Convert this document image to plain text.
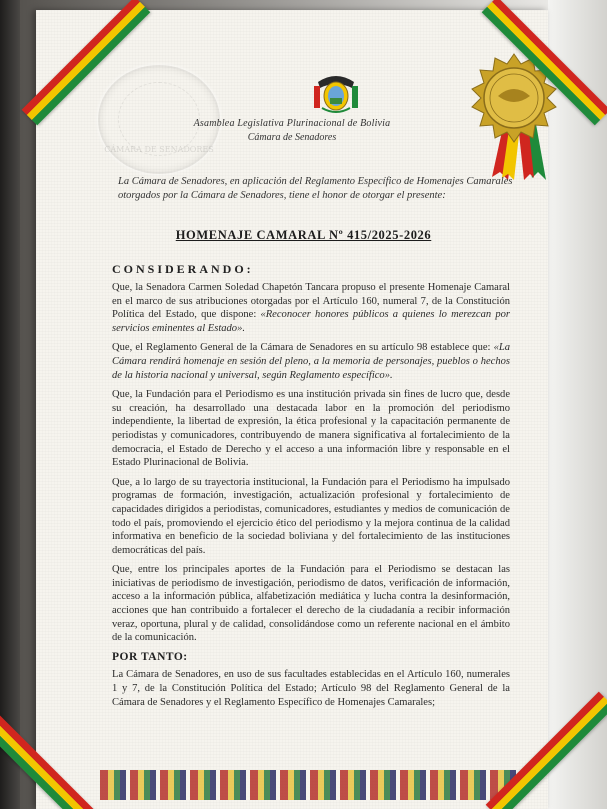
CÁMARA DE SENADORES
Asamblea Legislativa Plurinacional de Bolivia
Cámara de Senadores
La Cámara de Senadores, en aplicación del Reglamento Específico de Homenajes Camarales otorgados por la Cámara de Senadores, tiene el honor de otorgar el presente:
HOMENAJE CAMARAL Nº 415/2025-2026
CONSIDERANDO:

Que, la Senadora Carmen Soledad Chapetón Tancara propuso el presente Homenaje Camaral en el marco de sus atribuciones otorgadas por el Artículo 160, numeral 7, de la Constitución Política del Estado, que dispone: «Reconocer honores públicos a quienes lo merezcan por servicios eminentes al Estado».

Que, el Reglamento General de la Cámara de Senadores en su artículo 98 establece que: «La Cámara rendirá homenaje en sesión del pleno, a la memoria de personajes, pueblos o hechos de la historia nacional y universal, según Reglamento específico».

Que, la Fundación para el Periodismo es una institución privada sin fines de lucro que, desde su creación, ha desarrollado una destacada labor en la promoción del periodismo independiente, la libertad de expresión, la ética profesional y la capacitación permanente de periodistas y comunicadores, contribuyendo de manera significativa al fortalecimiento de la democracia, el Estado de Derecho y el acceso a una información libre y responsable en el Estado Plurinacional de Bolivia.

Que, a lo largo de su trayectoria institucional, la Fundación para el Periodismo ha impulsado programas de formación, investigación, actualización profesional y fortalecimiento de capacidades dirigidos a periodistas, comunicadores, estudiantes y medios de comunicación de todo el país, promoviendo el ejercicio ético del periodismo y la mejora continua de la calidad informativa en beneficio de la sociedad boliviana y del fortalecimiento de las instituciones democráticas del país.

Que, entre los principales aportes de la Fundación para el Periodismo se destacan las iniciativas de periodismo de investigación, periodismo de datos, verificación de información, acceso a la información pública, alfabetización mediática y lucha contra la desinformación, acciones que han contribuido a fortalecer el derecho de la ciudadanía a recibir información veraz, oportuna, plural y de calidad, consolidándose como un referente nacional en el ámbito de la comunicación.

POR TANTO:

La Cámara de Senadores, en uso de sus facultades establecidas en el Artículo 160, numerales 1 y 7, de la Constitución Política del Estado; Artículo 98 del Reglamento General de la Cámara de Senadores y el Reglamento Específico de Homenajes Camarales;
